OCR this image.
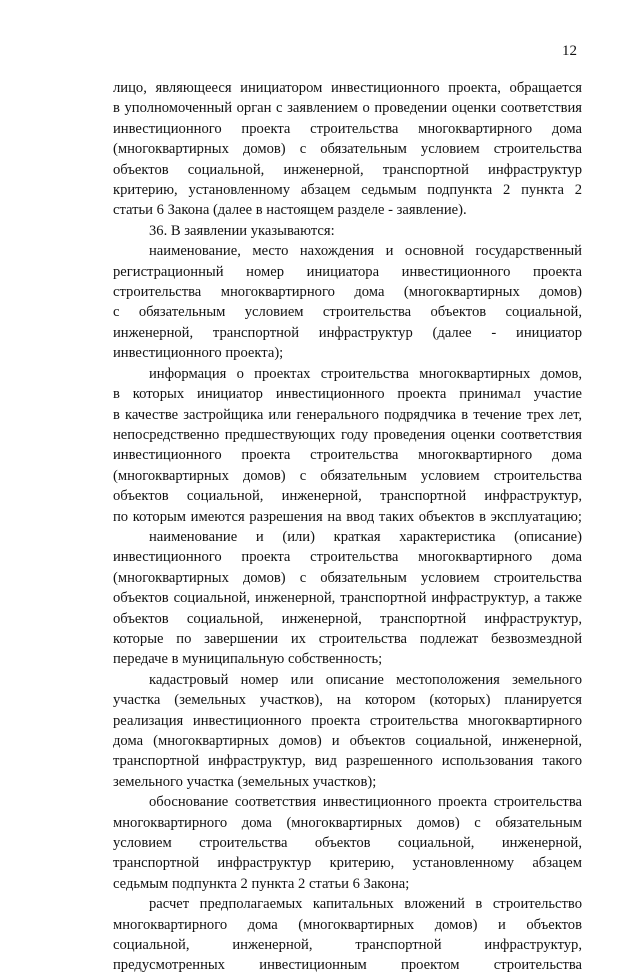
12
лицо, являющееся инициатором инвестиционного проекта, обращается
в уполномоченный орган с заявлением о проведении оценки соответствия
инвестиционного проекта строительства многоквартирного дома
(многоквартирных домов) с обязательным условием строительства
объектов социальной, инженерной, транспортной инфраструктур
критерию, установленному абзацем седьмым подпункта 2 пункта 2
статьи 6 Закона (далее в настоящем разделе - заявление).
36. В заявлении указываются:
наименование, место нахождения и основной государственный
регистрационный номер инициатора инвестиционного проекта
строительства многоквартирного дома (многоквартирных домов)
с обязательным условием строительства объектов социальной,
инженерной, транспортной инфраструктур (далее - инициатор
инвестиционного проекта);
информация о проектах строительства многоквартирных домов,
в которых инициатор инвестиционного проекта принимал участие
в качестве застройщика или генерального подрядчика в течение трех лет,
непосредственно предшествующих году проведения оценки соответствия
инвестиционного проекта строительства многоквартирного дома
(многоквартирных домов) с обязательным условием строительства
объектов социальной, инженерной, транспортной инфраструктур,
по которым имеются разрешения на ввод таких объектов в эксплуатацию;
наименование и (или) краткая характеристика (описание)
инвестиционного проекта строительства многоквартирного дома
(многоквартирных домов) с обязательным условием строительства
объектов социальной, инженерной, транспортной инфраструктур, а также
объектов социальной, инженерной, транспортной инфраструктур,
которые по завершении их строительства подлежат безвозмездной
передаче в муниципальную собственность;
кадастровый номер или описание местоположения земельного
участка (земельных участков), на котором (которых) планируется
реализация инвестиционного проекта строительства многоквартирного
дома (многоквартирных домов) и объектов социальной, инженерной,
транспортной инфраструктур, вид разрешенного использования такого
земельного участка (земельных участков);
обоснование соответствия инвестиционного проекта строительства
многоквартирного дома (многоквартирных домов) с обязательным
условием строительства объектов социальной, инженерной,
транспортной инфраструктур критерию, установленному абзацем
седьмым подпункта 2 пункта 2 статьи 6 Закона;
расчет предполагаемых капитальных вложений в строительство
многоквартирного дома (многоквартирных домов) и объектов
социальной, инженерной, транспортной инфраструктур,
предусмотренных инвестиционным проектом строительства
